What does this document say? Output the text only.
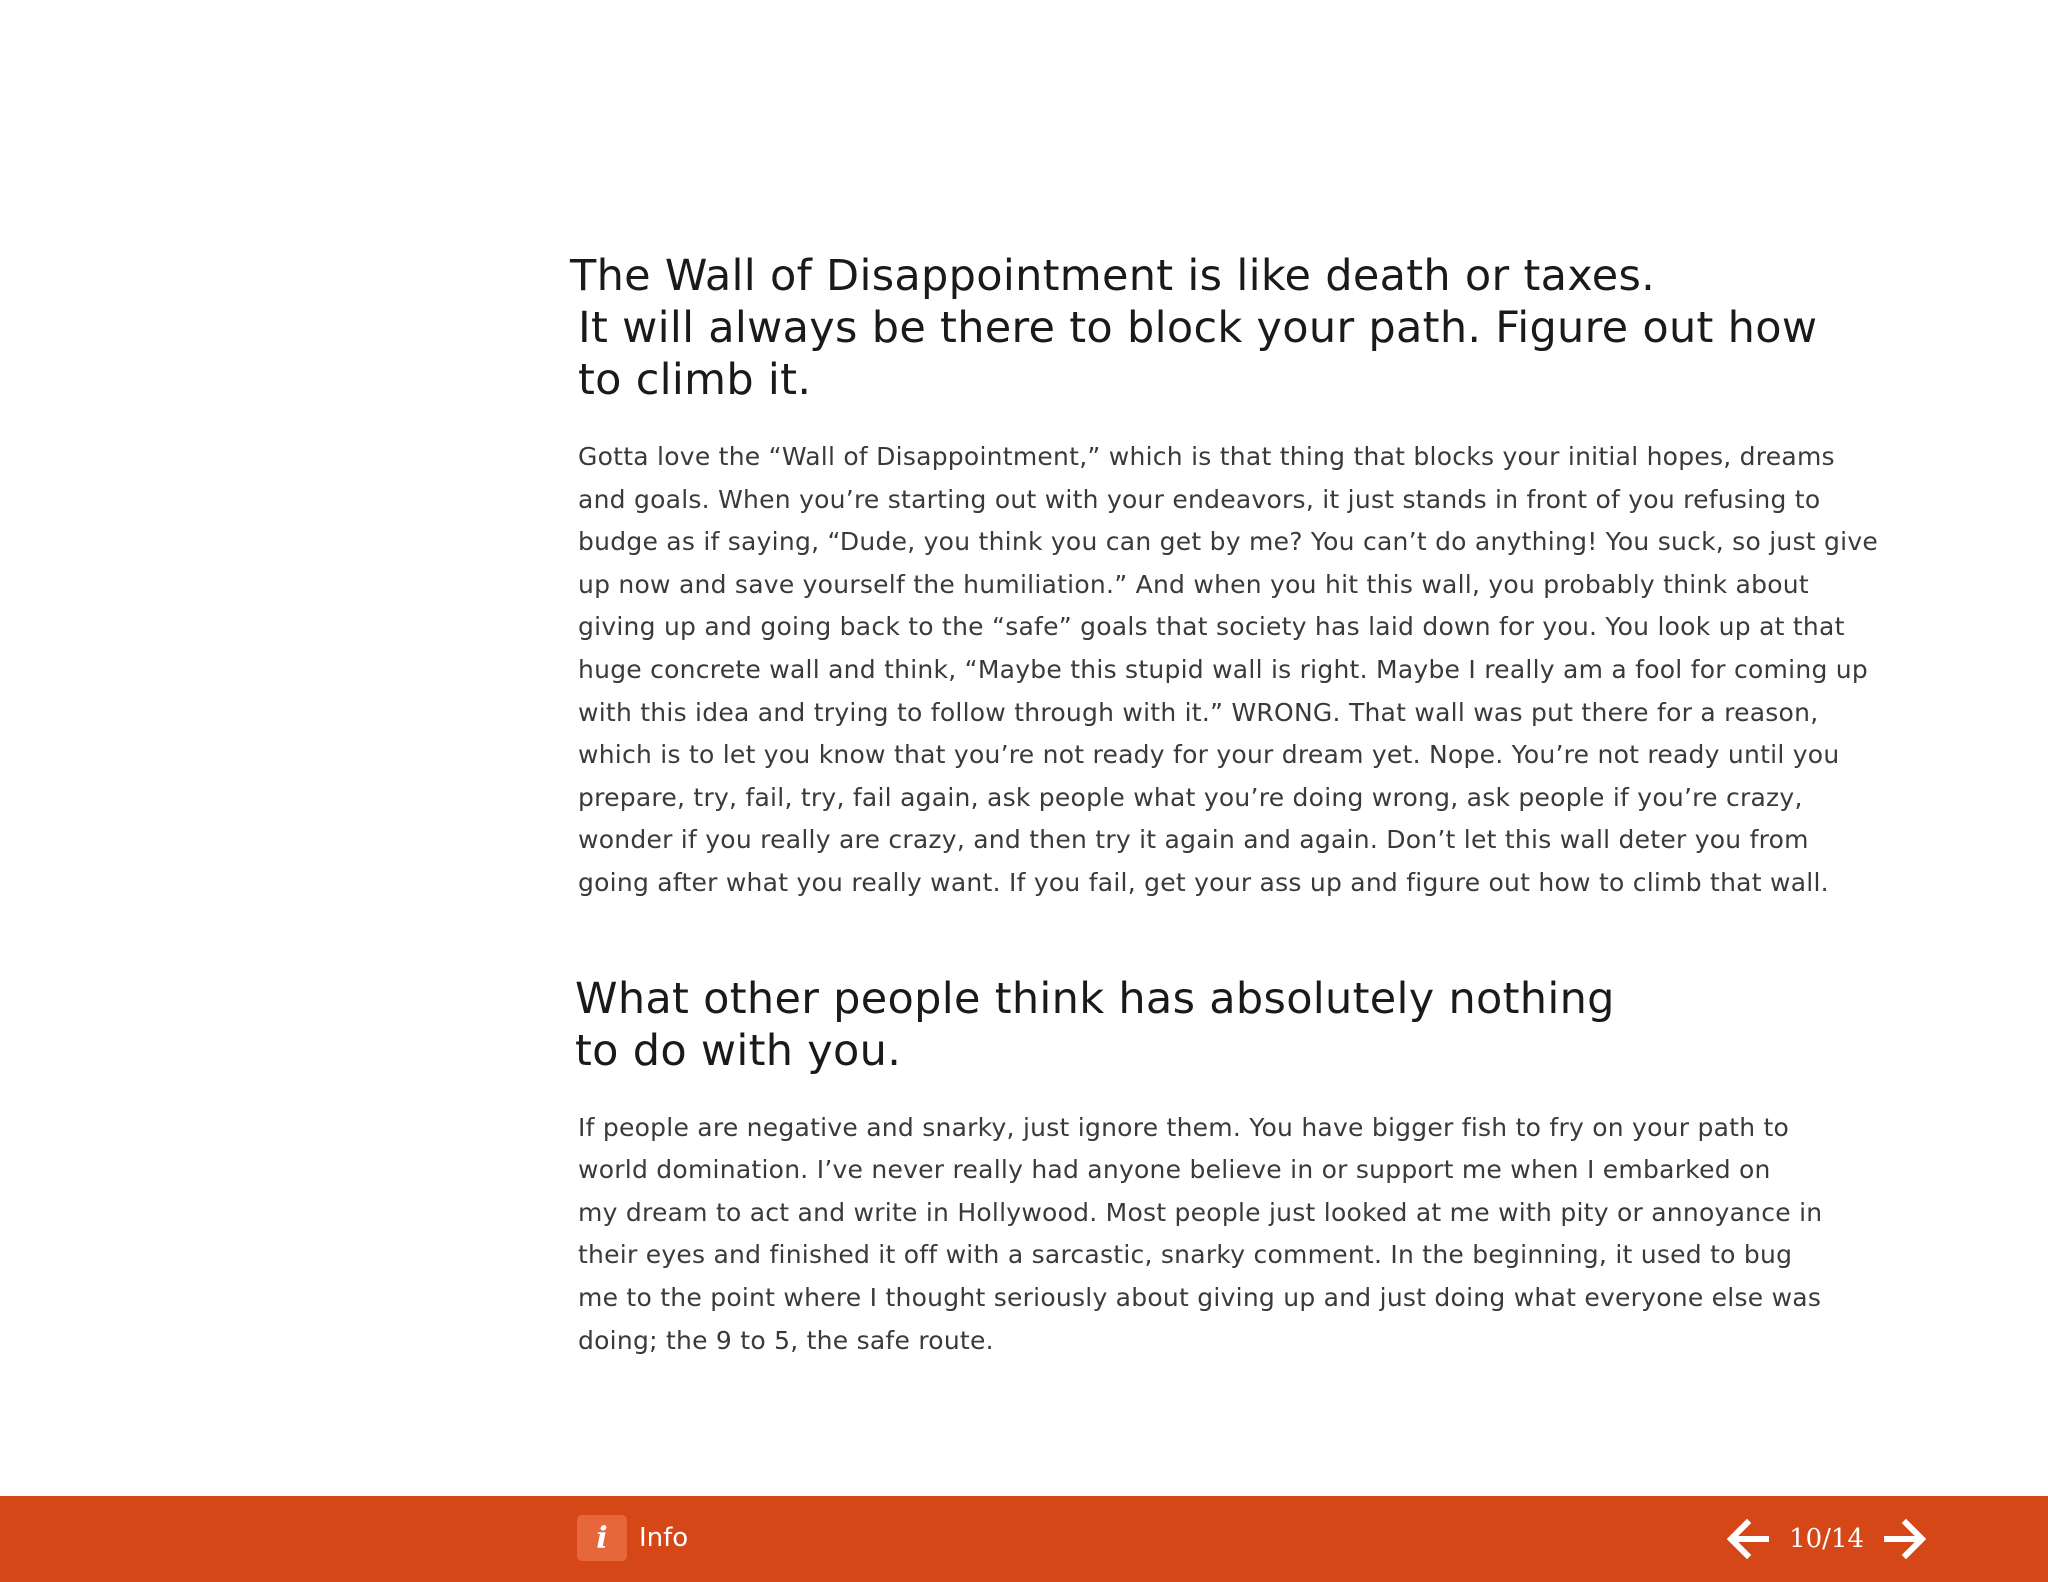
The Wall of Disappointment is like death or taxes.
It will always be there to block your path. Figure out how
to climb it.

Gotta love the “Wall of Disappointment,” which is that thing that blocks your initial hopes, dreams
and goals. When you’re starting out with your endeavors, it just stands in front of you refusing to
budge as if saying, “Dude, you think you can get by me? You can’t do anything! You suck, so just give
up now and save yourself the humiliation.” And when you hit this wall, you probably think about
giving up and going back to the “safe” goals that society has laid down for you. You look up at that
huge concrete wall and think, “Maybe this stupid wall is right. Maybe I really am a fool for coming up
with this idea and trying to follow through with it.” WRONG. That wall was put there for a reason,
which is to let you know that you’re not ready for your dream yet. Nope. You’re not ready until you
prepare, try, fail, try, fail again, ask people what you’re doing wrong, ask people if you’re crazy,
wonder if you really are crazy, and then try it again and again. Don’t let this wall deter you from
going after what you really want. If you fail, get your ass up and figure out how to climb that wall.

What other people think has absolutely nothing
to do with you.

If people are negative and snarky, just ignore them. You have bigger fish to fry on your path to
world domination. I’ve never really had anyone believe in or support me when I embarked on
my dream to act and write in Hollywood. Most people just looked at me with pity or annoyance in
their eyes and finished it off with a sarcastic, snarky comment. In the beginning, it used to bug
me to the point where I thought seriously about giving up and just doing what everyone else was
doing; the 9 to 5, the safe route.

i	Info	10/14
